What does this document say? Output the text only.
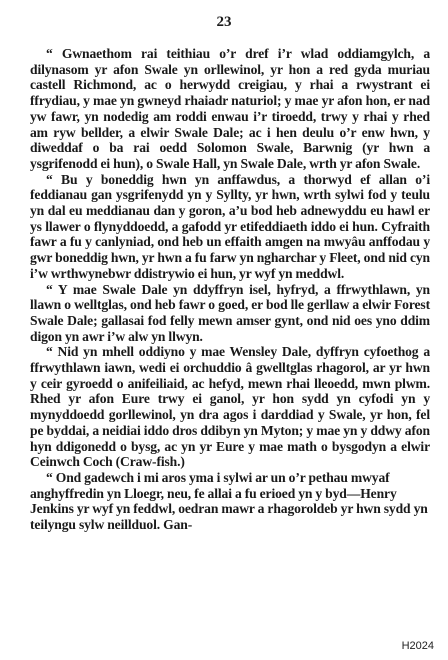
23

“ Gwnaethom rai teithiau o’r dref i’r wlad oddiamgylch, a dilynasom yr afon Swale yn orllewinol, yr hon a red gyda muriau castell Richmond, ac o herwydd creigiau, y rhai a rwystrant ei ffrydiau, y mae yn gwneyd rhaiadr naturiol; y mae yr afon hon, er nad yw fawr, yn nodedig am roddi enwau i’r tiroedd, trwy y rhai y rhed am ryw bellder, a elwir Swale Dale; ac i hen deulu o’r enw hwn, y diweddaf o ba rai oedd Solomon Swale, Barwnig (yr hwn a ysgrifenodd ei hun), o Swale Hall, yn Swale Dale, wrth yr afon Swale.

“ Bu y boneddig hwn yn anffawdus, a thorwyd ef allan o’i feddianau gan ysgrifenydd yn y Syllty, yr hwn, wrth sylwi fod y teulu yn dal eu meddianau dan y goron, a’u bod heb adnewyddu eu hawl er ys llawer o flynyddoedd, a gafodd yr etifeddiaeth iddo ei hun. Cyfraith fawr a fu y canlyniad, ond heb un effaith amgen na mwyâu anffodau y gwr boneddig hwn, yr hwn a fu farw yn ngharchar y Fleet, ond nid cyn i’w wrthwynebwr ddistrywio ei hun, yr wyf yn meddwl.

“ Y mae Swale Dale yn ddyffryn isel, hyfryd, a ffrwythlawn, yn llawn o welltglas, ond heb fawr o goed, er bod lle gerllaw a elwir Forest Swale Dale; gallasai fod felly mewn amser gynt, ond nid oes yno ddim digon yn awr i’w alw yn llwyn.

“ Nid yn mhell oddiyno y mae Wensley Dale, dyffryn cyfoethog a ffrwythlawn iawn, wedi ei orchuddio â gwelltglas rhagorol, ar yr hwn y ceir gyroedd o anifeiliaid, ac hefyd, mewn rhai lleoedd, mwn plwm. Rhed yr afon Eure trwy ei ganol, yr hon sydd yn cyfodi yn y mynyddoedd gorllewinol, yn dra agos i darddiad y Swale, yr hon, fel pe byddai, a neidiai iddo dros ddibyn yn Myton; y mae yn y ddwy afon hyn ddigonedd o bysg, ac yn yr Eure y mae math o bysgodyn a elwir Ceinwch Coch (Craw-fish.)

“ Ond gadewch i mi aros yma i sylwi ar un o’r pethau mwyaf anghyffredin yn Lloegr, neu, fe allai a fu erioed yn y byd—Henry Jenkins yr wyf yn feddwl, oedran mawr a rhagoroldeb yr hwn sydd yn teilyngu sylw neillduol. Gan-

H2024
